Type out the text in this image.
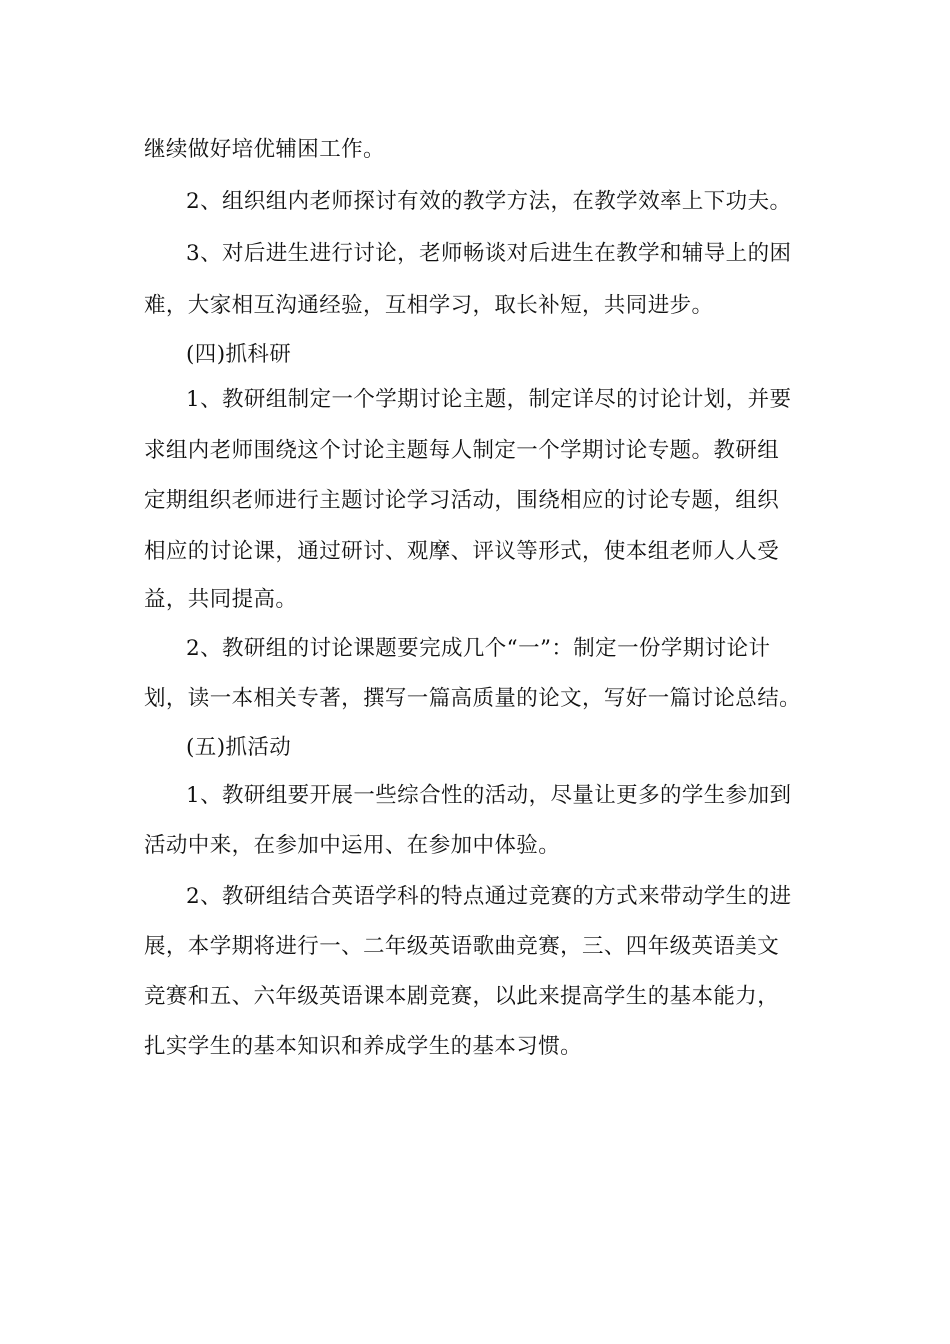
继续做好培优辅困工作。
2、组织组内老师探讨有效的教学方法，在教学效率上下功夫。
3、对后进生进行讨论，老师畅谈对后进生在教学和辅导上的困
难，大家相互沟通经验，互相学习，取长补短，共同进步。
(四)抓科研
1、教研组制定一个学期讨论主题，制定详尽的讨论计划，并要
求组内老师围绕这个讨论主题每人制定一个学期讨论专题。教研组
定期组织老师进行主题讨论学习活动，围绕相应的讨论专题，组织
相应的讨论课，通过研讨、观摩、评议等形式，使本组老师人人受
益，共同提高。
2、教研组的讨论课题要完成几个“一”：制定一份学期讨论计
划，读一本相关专著，撰写一篇高质量的论文，写好一篇讨论总结。
(五)抓活动
1、教研组要开展一些综合性的活动，尽量让更多的学生参加到
活动中来，在参加中运用、在参加中体验。
2、教研组结合英语学科的特点通过竞赛的方式来带动学生的进
展，本学期将进行一、二年级英语歌曲竞赛，三、四年级英语美文
竞赛和五、六年级英语课本剧竞赛，以此来提高学生的基本能力，
扎实学生的基本知识和养成学生的基本习惯。
